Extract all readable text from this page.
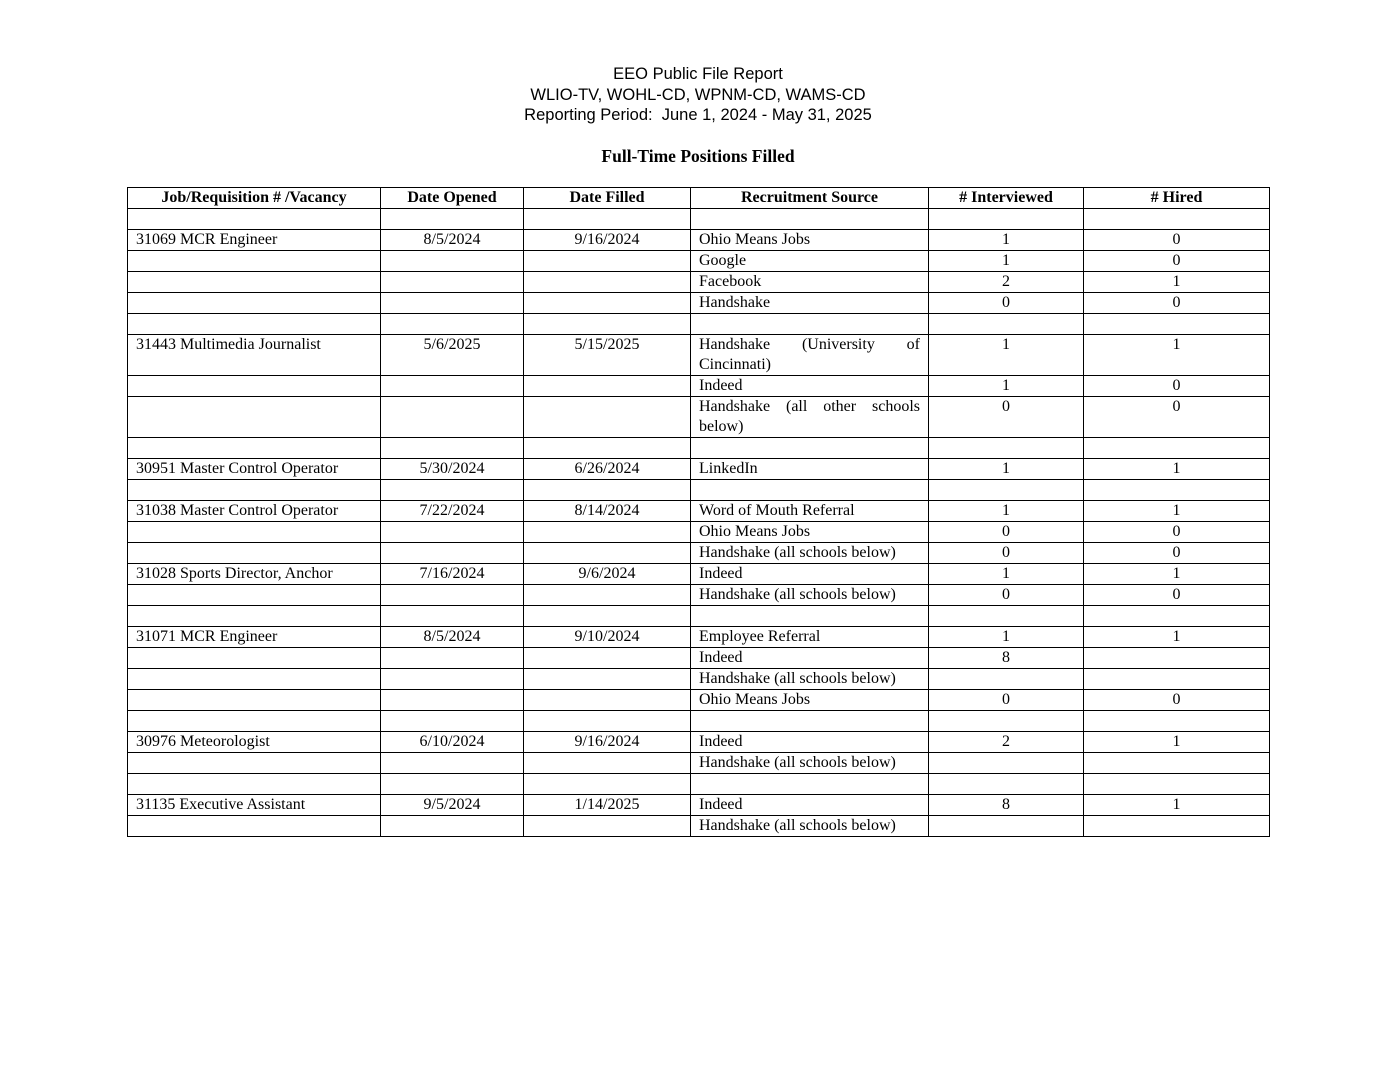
EEO Public File Report
WLIO-TV, WOHL-CD, WPNM-CD, WAMS-CD
Reporting Period:  June 1, 2024 - May 31, 2025
Full-Time Positions Filled
Job/Requisition # /Vacancy	Date Opened	Date Filled	Recruitment Source	# Interviewed	# Hired

31069 MCR Engineer	8/5/2024	9/16/2024	Ohio Means Jobs	1	0
			Google	1	0
			Facebook	2	1
			Handshake	0	0

31443 Multimedia Journalist	5/6/2025	5/15/2025	Handshake (University of Cincinnati)	1	1
			Indeed	1	0
			Handshake (all other schools below)	0	0

30951 Master Control Operator	5/30/2024	6/26/2024	LinkedIn	1	1

31038 Master Control Operator	7/22/2024	8/14/2024	Word of Mouth Referral	1	1
			Ohio Means Jobs	0	0
			Handshake (all schools below)	0	0
31028 Sports Director, Anchor	7/16/2024	9/6/2024	Indeed	1	1
			Handshake (all schools below)	0	0

31071 MCR Engineer	8/5/2024	9/10/2024	Employee Referral	1	1
			Indeed	8	
			Handshake (all schools below)		
			Ohio Means Jobs	0	0

30976 Meteorologist	6/10/2024	9/16/2024	Indeed	2	1
			Handshake (all schools below)		

31135 Executive Assistant	9/5/2024	1/14/2025	Indeed	8	1
			Handshake (all schools below)		
